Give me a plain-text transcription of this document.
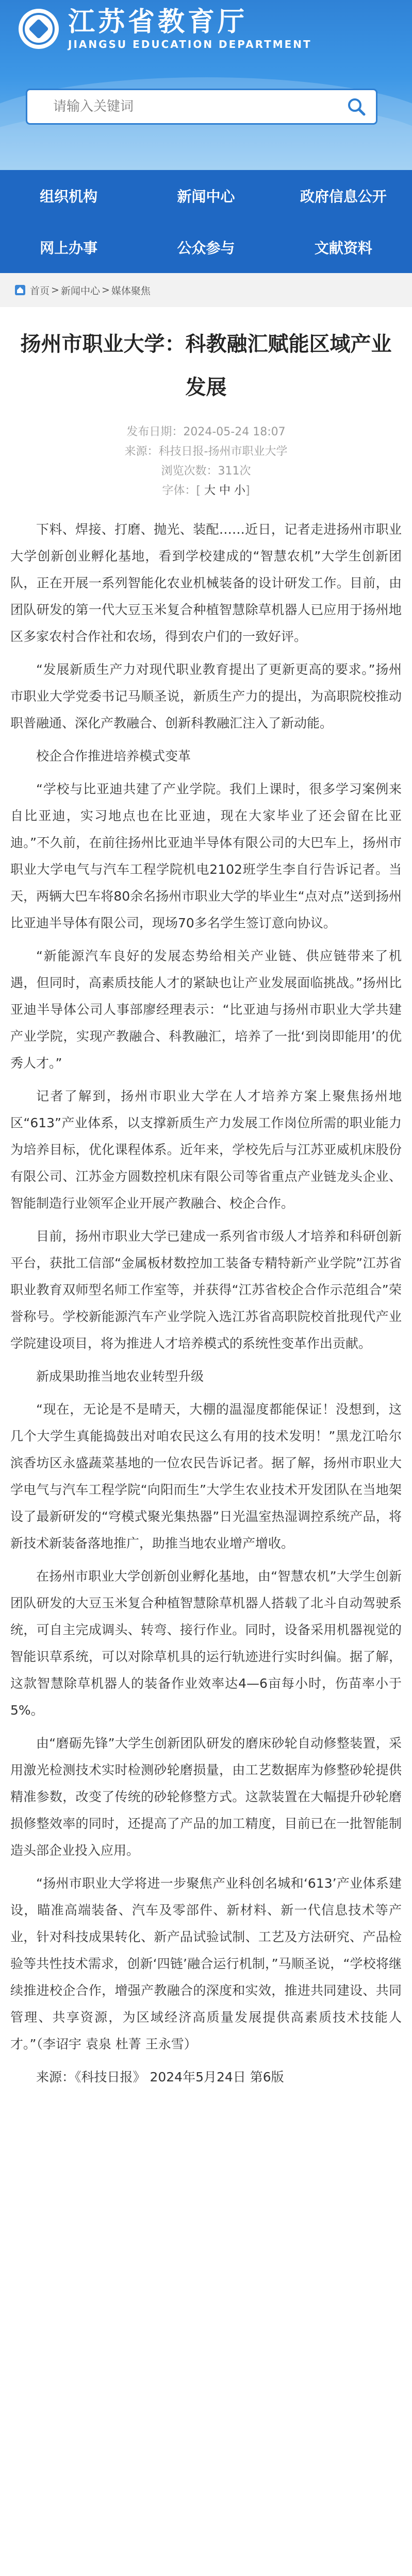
江苏省教育厅
JIANGSU EDUCATION DEPARTMENT
请输入关键词
组织机构	新闻中心	政府信息公开
网上办事	公众参与	文献资料
首页 > 新闻中心 > 媒体聚焦
扬州市职业大学：科教融汇赋能区域产业发展
发布日期：2024-05-24 18:07
来源：科技日报-扬州市职业大学
浏览次数：311次
字体：[ 大 中 小]

下料、焊接、打磨、抛光、装配……近日，记者走进扬州市职业大学创新创业孵化基地，看到学校建成的“智慧农机”大学生创新团队，正在开展一系列智能化农业机械装备的设计研发工作。目前，由团队研发的第一代大豆玉米复合种植智慧除草机器人已应用于扬州地区多家农村合作社和农场，得到农户们的一致好评。

“发展新质生产力对现代职业教育提出了更新更高的要求。”扬州市职业大学党委书记马顺圣说，新质生产力的提出，为高职院校推动职普融通、深化产教融合、创新科教融汇注入了新动能。

校企合作推进培养模式变革

“学校与比亚迪共建了产业学院。我们上课时，很多学习案例来自比亚迪，实习地点也在比亚迪，现在大家毕业了还会留在比亚迪。”不久前，在前往扬州比亚迪半导体有限公司的大巴车上，扬州市职业大学电气与汽车工程学院机电2102班学生李自行告诉记者。当天，两辆大巴车将80余名扬州市职业大学的毕业生“点对点”送到扬州比亚迪半导体有限公司，现场70多名学生签订意向协议。

“新能源汽车良好的发展态势给相关产业链、供应链带来了机遇，但同时，高素质技能人才的紧缺也让产业发展面临挑战。”扬州比亚迪半导体公司人事部廖经理表示：“比亚迪与扬州市职业大学共建产业学院，实现产教融合、科教融汇，培养了一批‘到岗即能用’的优秀人才。”

记者了解到，扬州市职业大学在人才培养方案上聚焦扬州地区“613”产业体系，以支撑新质生产力发展工作岗位所需的职业能力为培养目标，优化课程体系。近年来，学校先后与江苏亚威机床股份有限公司、江苏金方圆数控机床有限公司等省重点产业链龙头企业、智能制造行业领军企业开展产教融合、校企合作。

目前，扬州市职业大学已建成一系列省市级人才培养和科研创新平台，获批工信部“金属板材数控加工装备专精特新产业学院”江苏省职业教育双师型名师工作室等，并获得“江苏省校企合作示范组合”荣誉称号。学校新能源汽车产业学院入选江苏省高职院校首批现代产业学院建设项目，将为推进人才培养模式的系统性变革作出贡献。

新成果助推当地农业转型升级

“现在，无论是不是晴天，大棚的温湿度都能保证！没想到，这几个大学生真能捣鼓出对咱农民这么有用的技术发明！”黑龙江哈尔滨香坊区永盛蔬菜基地的一位农民告诉记者。据了解，扬州市职业大学电气与汽车工程学院“向阳而生”大学生农业技术开发团队在当地架设了最新研发的“穹模式聚光集热器”日光温室热湿调控系统产品，将新技术新装备落地推广，助推当地农业增产增收。

在扬州市职业大学创新创业孵化基地，由“智慧农机”大学生创新团队研发的大豆玉米复合种植智慧除草机器人搭载了北斗自动驾驶系统，可自主完成调头、转弯、接行作业。同时，设备采用机器视觉的智能识草系统，可以对除草机具的运行轨迹进行实时纠偏。据了解，这款智慧除草机器人的装备作业效率达4—6亩每小时，伤苗率小于5%。

由“磨砺先锋”大学生创新团队研发的磨床砂轮自动修整装置，采用激光检测技术实时检测砂轮磨损量，由工艺数据库为修整砂轮提供精准参数，改变了传统的砂轮修整方式。这款装置在大幅提升砂轮磨损修整效率的同时，还提高了产品的加工精度，目前已在一批智能制造头部企业投入应用。

“扬州市职业大学将进一步聚焦产业科创名城和‘613’产业体系建设，瞄准高端装备、汽车及零部件、新材料、新一代信息技术等产业，针对科技成果转化、新产品试验试制、工艺及方法研究、产品检验等共性技术需求，创新‘四链’融合运行机制，”马顺圣说，“学校将继续推进校企合作，增强产教融合的深度和实效，推进共同建设、共同管理、共享资源，为区域经济高质量发展提供高素质技术技能人才。”（李诏宇 袁泉 杜菁 王永雪）

来源：《科技日报》 2024年5月24日 第6版
